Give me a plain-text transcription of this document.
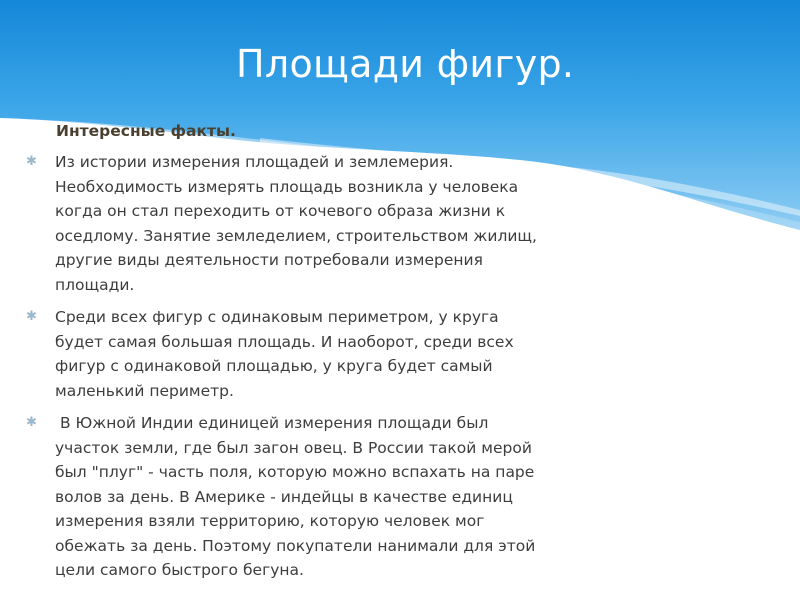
Площади фигур.
Интересные факты.
✱ Из истории измерения площадей и землемерия. Необходимость измерять площадь возникла у человека когда он стал переходить от кочевого образа жизни к оседлому. Занятие земледелием, строительством жилищ, другие виды деятельности потребовали измерения площади.
✱ Среди всех фигур с одинаковым периметром, у круга будет самая большая площадь. И наоборот, среди всех фигур с одинаковой площадью, у круга будет самый маленький периметр.
✱ В Южной Индии единицей измерения площади был участок земли, где был загон овец. В России такой мерой был "плуг" - часть поля, которую можно вспахать на паре волов за день. В Америке - индейцы в качестве единиц измерения взяли территорию, которую человек мог обежать за день. Поэтому покупатели нанимали для этой цели самого быстрого бегуна.
